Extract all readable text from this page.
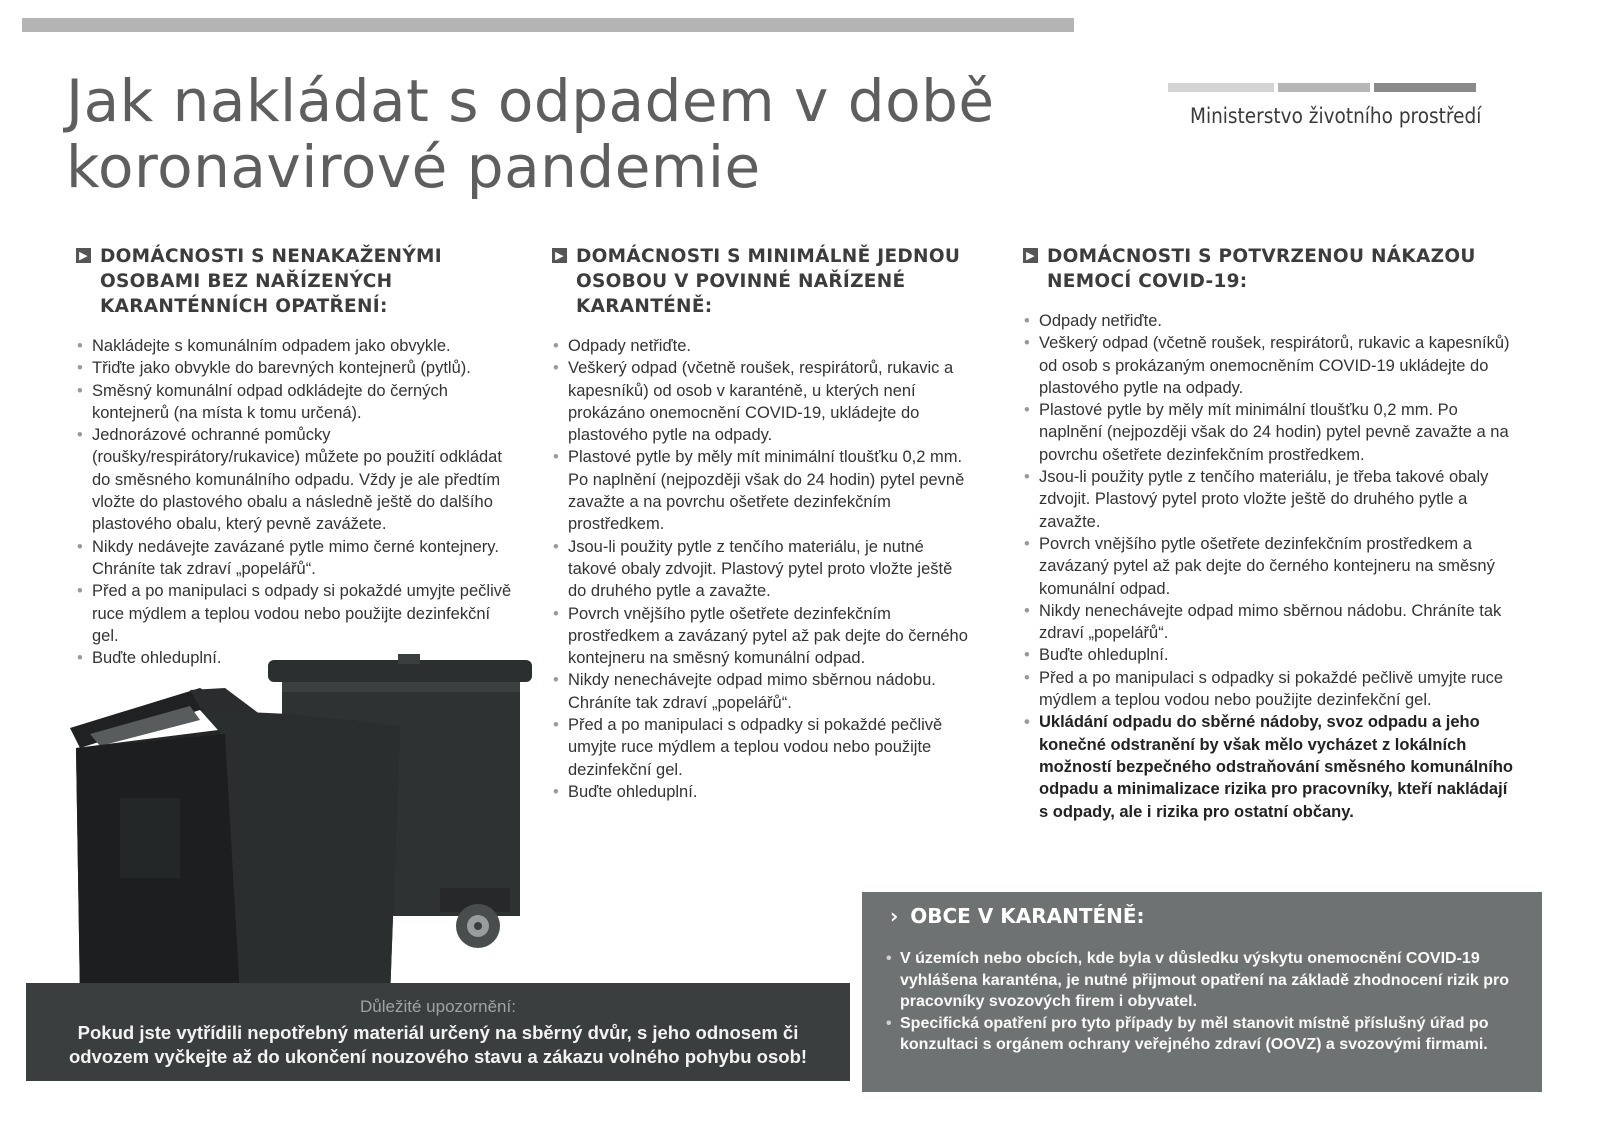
Jak nakládat s odpadem v době
koronavirové pandemie
Ministerstvo životního prostředí
▶ DOMÁCNOSTI S NENAKAŽENÝMI
OSOBAMI BEZ NAŘÍZENÝCH
KARANTÉNNÍCH OPATŘENÍ:
• Nakládejte s komunálním odpadem jako obvykle.
• Třiďte jako obvykle do barevných kontejnerů (pytlů).
• Směsný komunální odpad odkládejte do černých kontejnerů (na místa k tomu určená).
• Jednorázové ochranné pomůcky (roušky/respirátory/rukavice) můžete po použití odkládat do směsného komunálního odpadu. Vždy je ale předtím vložte do plastového obalu a následně ještě do dalšího plastového obalu, který pevně zavážete.
• Nikdy nedávejte zavázané pytle mimo černé kontejnery. Chráníte tak zdraví „popelářů“.
• Před a po manipulaci s odpady si pokaždé umyjte pečlivě ruce mýdlem a teplou vodou nebo použijte dezinfekční gel.
• Buďte ohleduplní.
▶ DOMÁCNOSTI S MINIMÁLNĚ JEDNOU
OSOBOU V POVINNÉ NAŘÍZENÉ
KARANTÉNĚ:
• Odpady netřiďte.
• Veškerý odpad (včetně roušek, respirátorů, rukavic a kapesníků) od osob v karanténě, u kterých není prokázáno onemocnění COVID-19, ukládejte do plastového pytle na odpady.
• Plastové pytle by měly mít minimální tloušťku 0,2 mm. Po naplnění (nejpozději však do 24 hodin) pytel pevně zavažte a na povrchu ošetřete dezinfekčním prostředkem.
• Jsou-li použity pytle z tenčího materiálu, je nutné takové obaly zdvojit. Plastový pytel proto vložte ještě do druhého pytle a zavažte.
• Povrch vnějšího pytle ošetřete dezinfekčním prostředkem a zavázaný pytel až pak dejte do černého kontejneru na směsný komunální odpad.
• Nikdy nenechávejte odpad mimo sběrnou nádobu. Chráníte tak zdraví „popelářů“.
• Před a po manipulaci s odpadky si pokaždé pečlivě umyjte ruce mýdlem a teplou vodou nebo použijte dezinfekční gel.
• Buďte ohleduplní.
▶ DOMÁCNOSTI S POTVRZENOU NÁKAZOU
NEMOCÍ COVID-19:
• Odpady netřiďte.
• Veškerý odpad (včetně roušek, respirátorů, rukavic a kapesníků) od osob s prokázaným onemocněním COVID-19 ukládejte do plastového pytle na odpady.
• Plastové pytle by měly mít minimální tloušťku 0,2 mm. Po naplnění (nejpozději však do 24 hodin) pytel pevně zavažte a na povrchu ošetřete dezinfekčním prostředkem.
• Jsou-li použity pytle z tenčího materiálu, je třeba takové obaly zdvojit. Plastový pytel proto vložte ještě do druhého pytle a zavažte.
• Povrch vnějšího pytle ošetřete dezinfekčním prostředkem a zavázaný pytel až pak dejte do černého kontejneru na směsný komunální odpad.
• Nikdy nenechávejte odpad mimo sběrnou nádobu. Chráníte tak zdraví „popelářů“.
• Buďte ohleduplní.
• Před a po manipulaci s odpadky si pokaždé pečlivě umyjte ruce mýdlem a teplou vodou nebo použijte dezinfekční gel.
• Ukládání odpadu do sběrné nádoby, svoz odpadu a jeho konečné odstranění by však mělo vycházet z lokálních možností bezpečného odstraňování směsného komunálního odpadu a minimalizace rizika pro pracovníky, kteří nakládají s odpady, ale i rizika pro ostatní občany.
Důležité upozornění:
Pokud jste vytřídili nepotřebný materiál určený na sběrný dvůr, s jeho odnosem či
odvozem vyčkejte až do ukončení nouzového stavu a zákazu volného pohybu osob!
› OBCE V KARANTÉNĚ:
• V územích nebo obcích, kde byla v důsledku výskytu onemocnění COVID-19 vyhlášena karanténa, je nutné přijmout opatření na základě zhodnocení rizik pro pracovníky svozových firem i obyvatel.
• Specifická opatření pro tyto případy by měl stanovit místně příslušný úřad po konzultaci s orgánem ochrany veřejného zdraví (OOVZ) a svozovými firmami.
